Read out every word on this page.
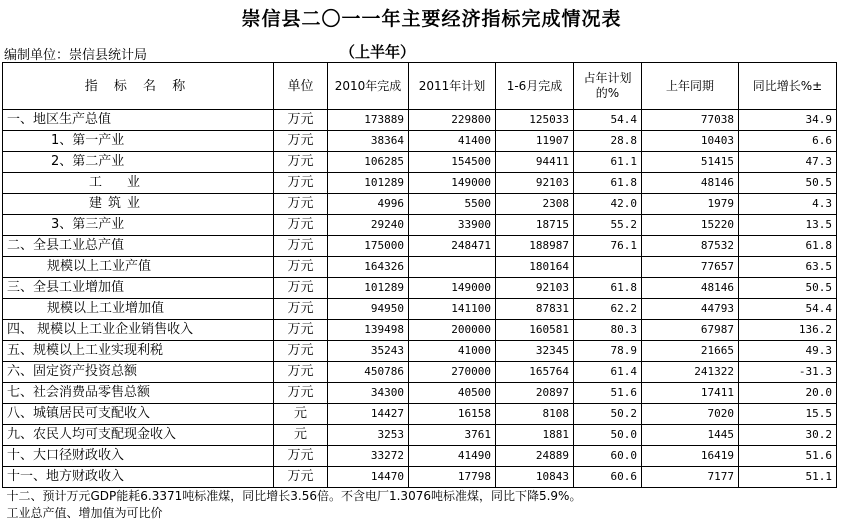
崇信县二〇一一年主要经济指标完成情况表
编制单位：崇信县统计局	（上半年）
指 标 名 称	单位	2010年完成	2011年计划	1-6月完成	占年计划的%	上年同期	同比增长%±
一、地区生产总值	万元	173889	229800	125033	54.4	77038	34.9
1、第一产业	万元	38364	41400	11907	28.8	10403	6.6
2、第二产业	万元	106285	154500	94411	61.1	51415	47.3
工　业	万元	101289	149000	92103	61.8	48146	50.5
建筑业	万元	4996	5500	2308	42.0	1979	4.3
3、第三产业	万元	29240	33900	18715	55.2	15220	13.5
二、全县工业总产值	万元	175000	248471	188987	76.1	87532	61.8
规模以上工业产值	万元	164326		180164		77657	63.5
三、全县工业增加值	万元	101289	149000	92103	61.8	48146	50.5
规模以上工业增加值	万元	94950	141100	87831	62.2	44793	54.4
四、 规模以上工业企业销售收入	万元	139498	200000	160581	80.3	67987	136.2
五、规模以上工业实现利税	万元	35243	41000	32345	78.9	21665	49.3
六、固定资产投资总额	万元	450786	270000	165764	61.4	241322	-31.3
七、社会消费品零售总额	万元	34300	40500	20897	51.6	17411	20.0
八、城镇居民可支配收入	元	14427	16158	8108	50.2	7020	15.5
九、农民人均可支配现金收入	元	3253	3761	1881	50.0	1445	30.2
十、大口径财政收入	万元	33272	41490	24889	60.0	16419	51.6
十一、地方财政收入	万元	14470	17798	10843	60.6	7177	51.1
十二、预计万元GDP能耗6.3371吨标准煤，同比增长3.56倍。不含电厂1.3076吨标准煤，同比下降5.9%。							
工业总产值、增加值为可比价							
